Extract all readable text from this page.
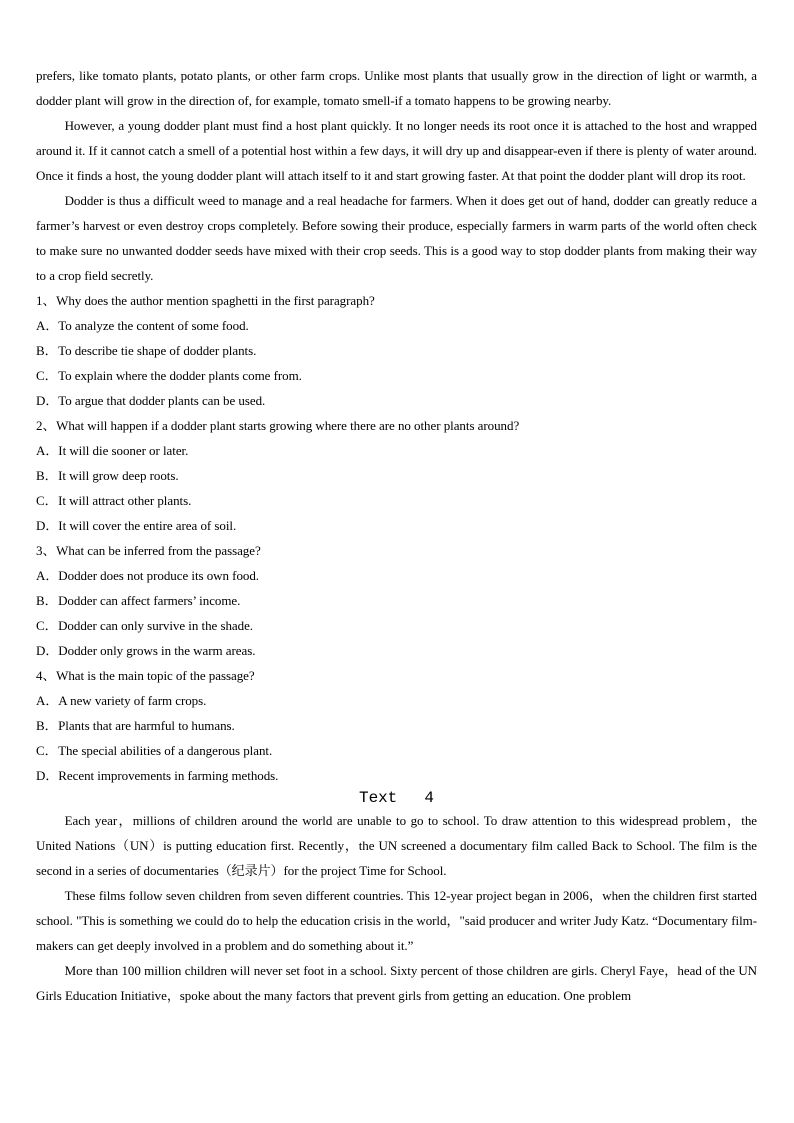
prefers, like tomato plants, potato plants, or other farm crops. Unlike most plants that usually grow in the direction of light or warmth, a dodder plant will grow in the direction of, for example, tomato smell-if a tomato happens to be growing nearby.

However, a young dodder plant must find a host plant quickly. It no longer needs its root once it is attached to the host and wrapped around it. If it cannot catch a smell of a potential host within a few days, it will dry up and disappear-even if there is plenty of water around. Once it finds a host, the young dodder plant will attach itself to it and start growing faster. At that point the dodder plant will drop its root.

Dodder is thus a difficult weed to manage and a real headache for farmers. When it does get out of hand, dodder can greatly reduce a farmer’s harvest or even destroy crops completely. Before sowing their produce, especially farmers in warm parts of the world often check to make sure no unwanted dodder seeds have mixed with their crop seeds. This is a good way to stop dodder plants from making their way to a crop field secretly.

1、Why does the author mention spaghetti in the first paragraph?
A．To analyze the content of some food.
B．To describe tie shape of dodder plants.
C．To explain where the dodder plants come from.
D．To argue that dodder plants can be used.
2、What will happen if a dodder plant starts growing where there are no other plants around?
A．It will die sooner or later.
B．It will grow deep roots.
C．It will attract other plants.
D．It will cover the entire area of soil.
3、What can be inferred from the passage?
A．Dodder does not produce its own food.
B．Dodder can affect farmers’ income.
C．Dodder can only survive in the shade.
D．Dodder only grows in the warm areas.
4、What is the main topic of the passage?
A．A new variety of farm crops.
B．Plants that are harmful to humans.
C．The special abilities of a dangerous plant.
D．Recent improvements in farming methods.
Text 4

Each year，millions of children around the world are unable to go to school. To draw attention to this widespread problem，the United Nations（UN）is putting education first. Recently，the UN screened a documentary film called Back to School. The film is the second in a series of documentaries（纪录片）for the project Time for School.

These films follow seven children from seven different countries. This 12-year project began in 2006，when the children first started school. "This is something we could do to help the education crisis in the world，"said producer and writer Judy Katz. “Documentary film-makers can get deeply involved in a problem and do something about it.”

More than 100 million children will never set foot in a school. Sixty percent of those children are girls. Cheryl Faye，head of the UN Girls Education Initiative，spoke about the many factors that prevent girls from getting an education. One problem
